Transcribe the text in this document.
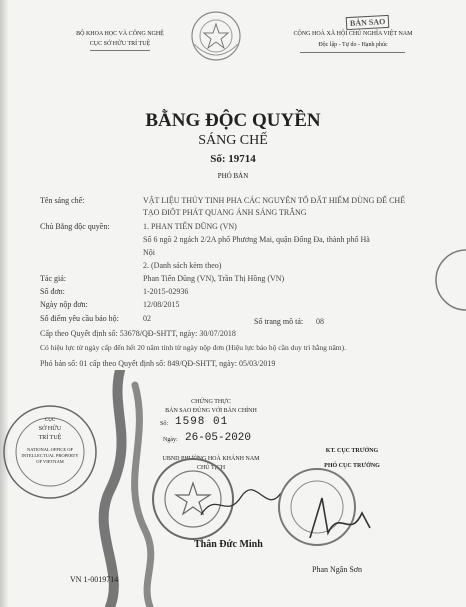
BỘ KHOA HỌC VÀ CÔNG NGHỆ
CỤC SỞ HỮU TRÍ TUỆ
CỘNG HOÀ XÃ HỘI CHỦ NGHĨA VIỆT NAM
Độc lập - Tự do - Hạnh phúc
BẢN SAO
BẰNG ĐỘC QUYỀN
SÁNG CHẾ
Số: 19714
PHÓ BẢN
Tên sáng chế:	VẬT LIỆU THỦY TINH PHA CÁC NGUYÊN TỐ ĐẤT HIẾM DÙNG ĐỂ CHẾ
TẠO ĐIÔT PHÁT QUANG ÁNH SÁNG TRẮNG
Chủ Bằng độc quyền:	1. PHAN TIẾN DŨNG (VN)
Số 6 ngõ 2 ngách 2/2A phố Phương Mai, quận Đống Đa, thành phố Hà
Nội
2. (Danh sách kèm theo)
Tác giả:	Phan Tiến Dũng (VN), Trần Thị Hồng (VN)
Số đơn:	1-2015-02936
Ngày nộp đơn:	12/08/2015
Số điểm yêu cầu bảo hộ:	02	Số trang mô tả: 08
Cấp theo Quyết định số: 53678/QĐ-SHTT, ngày: 30/07/2018
Có hiệu lực từ ngày cấp đến hết 20 năm tính từ ngày nộp đơn (Hiệu lực bảo hộ cần duy trì hằng năm).
Phó bản số: 01 cấp theo Quyết định số: 849/QĐ-SHTT, ngày: 05/03/2019
CHỨNG THỰC
BẢN SAO ĐÚNG VỚI BẢN CHÍNH
Số: 1598 01
Ngày: 26-05-2020
UBND PHƯỜNG HOÀ KHÁNH NAM
CHỦ TỊCH
Thân Đức Minh
KT. CỤC TRƯỞNG
PHÓ CỤC TRƯỞNG
Phan Ngân Sơn
CỤC
SỞ HỮU
TRÍ TUỆ
NATIONAL OFFICE OF
INTELLECTUAL PROPERTY
OF VIETNAM
VN 1-0019714
